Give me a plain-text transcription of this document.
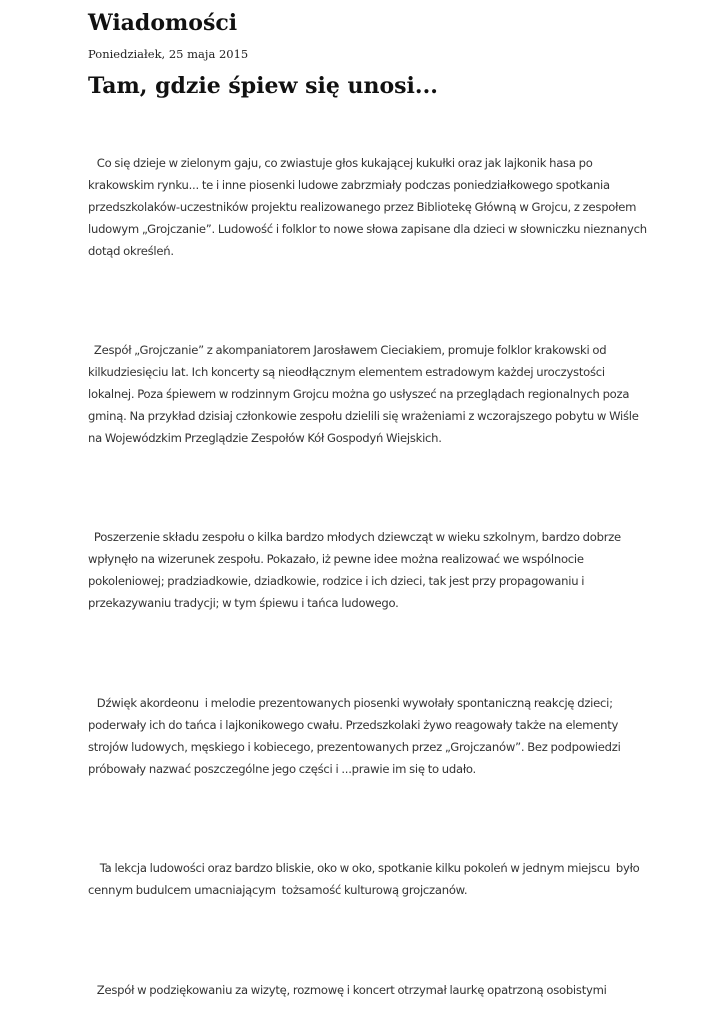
Wiadomości

Poniedziałek, 25 maja 2015

Tam, gdzie śpiew się unosi...

Co się dzieje w zielonym gaju, co zwiastuje głos kukającej kukułki oraz jak lajkonik hasa po krakowskim rynku... te i inne piosenki ludowe zabrzmiały podczas poniedziałkowego spotkania przedszkolaków-uczestników projektu realizowanego przez Bibliotekę Główną w Grojcu, z zespołem ludowym „Grojczanie”. Ludowość i folklor to nowe słowa zapisane dla dzieci w słowniczku nieznanych dotąd określeń.

Zespół „Grojczanie” z akompaniatorem Jarosławem Cieciakiem, promuje folklor krakowski od kilkudziesięciu lat. Ich koncerty są nieodłącznym elementem estradowym każdej uroczystości lokalnej. Poza śpiewem w rodzinnym Grojcu można go usłyszeć na przeglądach regionalnych poza gminą. Na przykład dzisiaj członkowie zespołu dzielili się wrażeniami z wczorajszego pobytu w Wiśle na Wojewódzkim Przeglądzie Zespołów Kół Gospodyń Wiejskich.

Poszerzenie składu zespołu o kilka bardzo młodych dziewcząt w wieku szkolnym, bardzo dobrze wpłynęło na wizerunek zespołu. Pokazało, iż pewne idee można realizować we wspólnocie pokoleniowej; pradziadkowie, dziadkowie, rodzice i ich dzieci, tak jest przy propagowaniu i przekazywaniu tradycji; w tym śpiewu i tańca ludowego.

Dźwięk akordeonu  i melodie prezentowanych piosenki wywołały spontaniczną reakcję dzieci; poderwały ich do tańca i lajkonikowego cwału. Przedszkolaki żywo reagowały także na elementy strojów ludowych, męskiego i kobiecego, prezentowanych przez „Grojczanów”. Bez podpowiedzi próbowały nazwać poszczególne jego części i ...prawie im się to udało.

Ta lekcja ludowości oraz bardzo bliskie, oko w oko, spotkanie kilku pokoleń w jednym miejscu  było cennym budulcem umacniającym  tożsamość kulturową grojczanów.

Zespół w podziękowaniu za wizytę, rozmowę i koncert otrzymał laurkę opatrzoną osobistymi
